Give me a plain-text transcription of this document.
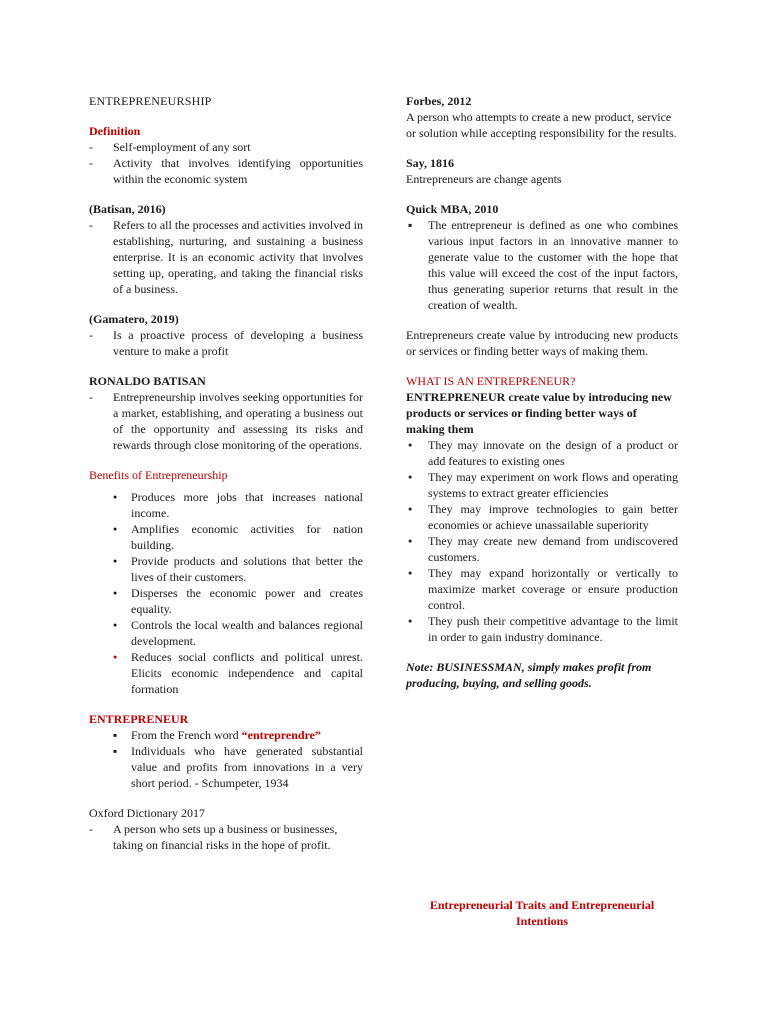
ENTREPRENEURSHIP
Definition
- Self-employment of any sort
- Activity that involves identifying opportunities within the economic system
(Batisan, 2016)
- Refers to all the processes and activities involved in establishing, nurturing, and sustaining a business enterprise. It is an economic activity that involves setting up, operating, and taking the financial risks of a business.
(Gamatero, 2019)
- Is a proactive process of developing a business venture to make a profit
RONALDO BATISAN
- Entrepreneurship involves seeking opportunities for a market, establishing, and operating a business out of the opportunity and assessing its risks and rewards through close monitoring of the operations.
Benefits of Entrepreneurship
● Produces more jobs that increases national income.
● Amplifies economic activities for nation building.
● Provide products and solutions that better the lives of their customers.
● Disperses the economic power and creates equality.
● Controls the local wealth and balances regional development.
● Reduces social conflicts and political unrest. Elicits economic independence and capital formation
ENTREPRENEUR
▪ From the French word “entreprendre”
▪ Individuals who have generated substantial value and profits from innovations in a very short period. - Schumpeter, 1934
Oxford Dictionary 2017
- A person who sets up a business or businesses, taking on financial risks in the hope of profit.
Forbes, 2012
A person who attempts to create a new product, service or solution while accepting responsibility for the results.
Say, 1816
Entrepreneurs are change agents
Quick MBA, 2010
▪ The entrepreneur is defined as one who combines various input factors in an innovative manner to generate value to the customer with the hope that this value will exceed the cost of the input factors, thus generating superior returns that result in the creation of wealth.
Entrepreneurs create value by introducing new products or services or finding better ways of making them.
WHAT IS AN ENTREPRENEUR?
ENTREPRENEUR create value by introducing new products or services or finding better ways of making them
● They may innovate on the design of a product or add features to existing ones
● They may experiment on work flows and operating systems to extract greater efficiencies
● They may improve technologies to gain better economies or achieve unassailable superiority
● They may create new demand from undiscovered customers.
● They may expand horizontally or vertically to maximize market coverage or ensure production control.
● They push their competitive advantage to the limit in order to gain industry dominance.
Note: BUSINESSMAN, simply makes profit from producing, buying, and selling goods.
Entrepreneurial Traits and Entrepreneurial Intentions
